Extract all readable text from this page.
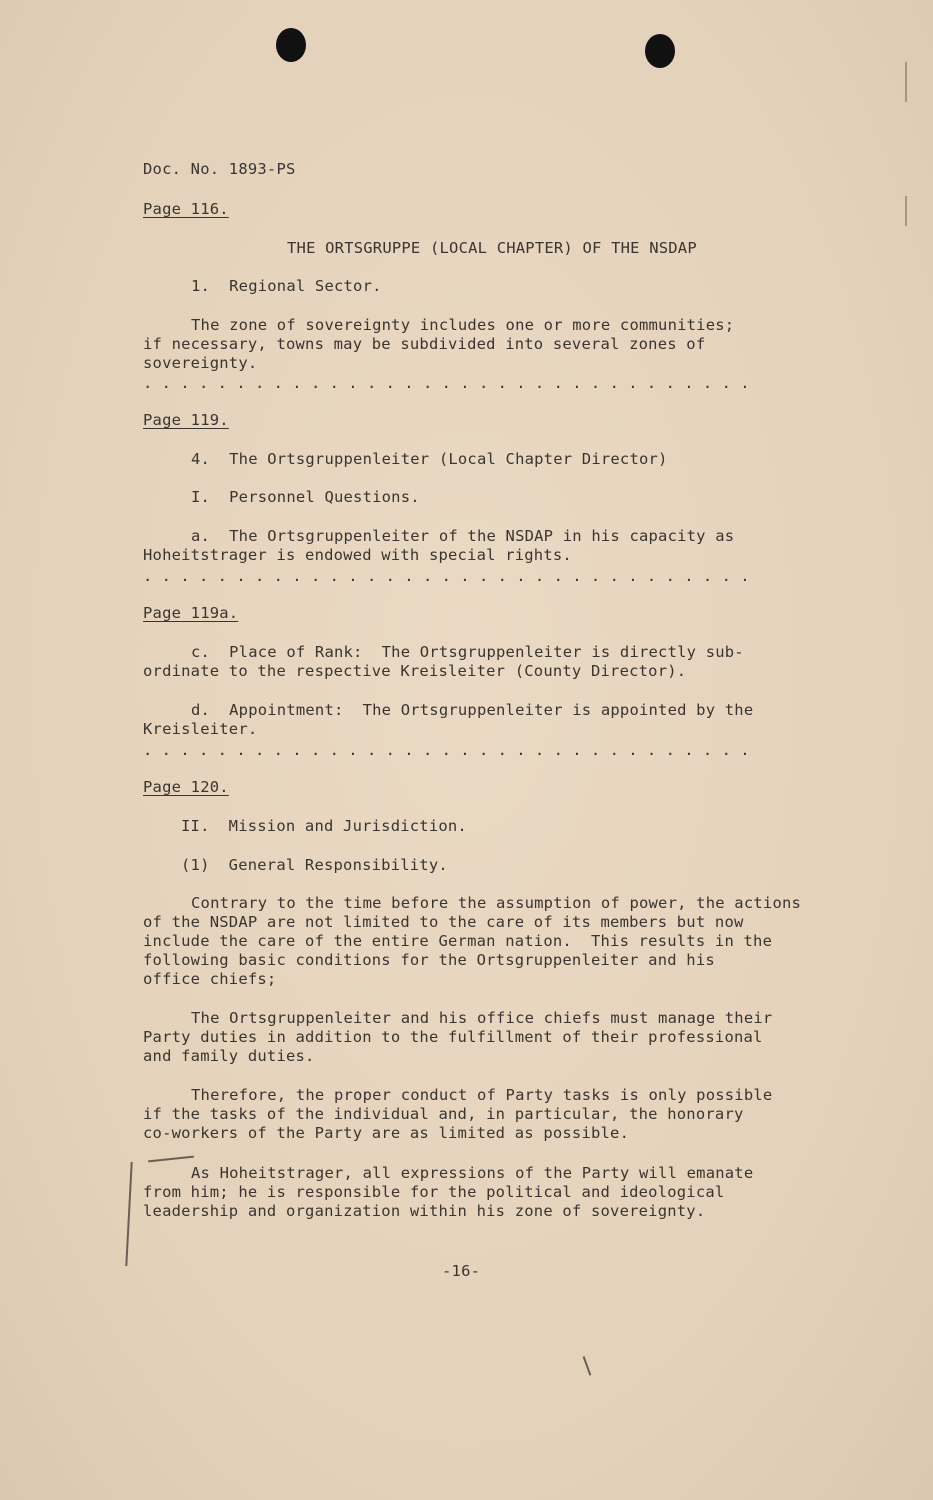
Doc. No. 1893-PS
Page 116.
THE ORTSGRUPPE (LOCAL CHAPTER) OF THE NSDAP
1.  Regional Sector.
The zone of sovereignty includes one or more communities;
if necessary, towns may be subdivided into several zones of
sovereignty.
. . . . . . . . . . . . . . . . . . . . . . . . . . . . . . . . .
Page 119.
4.  The Ortsgruppenleiter (Local Chapter Director)
I.  Personnel Questions.
a.  The Ortsgruppenleiter of the NSDAP in his capacity as
Hoheitstrager is endowed with special rights.
. . . . . . . . . . . . . . . . . . . . . . . . . . . . . . . . .
Page 119a.
c.  Place of Rank:  The Ortsgruppenleiter is directly sub-
ordinate to the respective Kreisleiter (County Director).
d.  Appointment:  The Ortsgruppenleiter is appointed by the
Kreisleiter.
. . . . . . . . . . . . . . . . . . . . . . . . . . . . . . . . .
Page 120.
II.  Mission and Jurisdiction.
(1)  General Responsibility.
Contrary to the time before the assumption of power, the actions
of the NSDAP are not limited to the care of its members but now
include the care of the entire German nation.  This results in the
following basic conditions for the Ortsgruppenleiter and his
office chiefs;
The Ortsgruppenleiter and his office chiefs must manage their
Party duties in addition to the fulfillment of their professional
and family duties.
Therefore, the proper conduct of Party tasks is only possible
if the tasks of the individual and, in particular, the honorary
co-workers of the Party are as limited as possible.
As Hoheitstrager, all expressions of the Party will emanate
from him; he is responsible for the political and ideological
leadership and organization within his zone of sovereignty.
-16-
